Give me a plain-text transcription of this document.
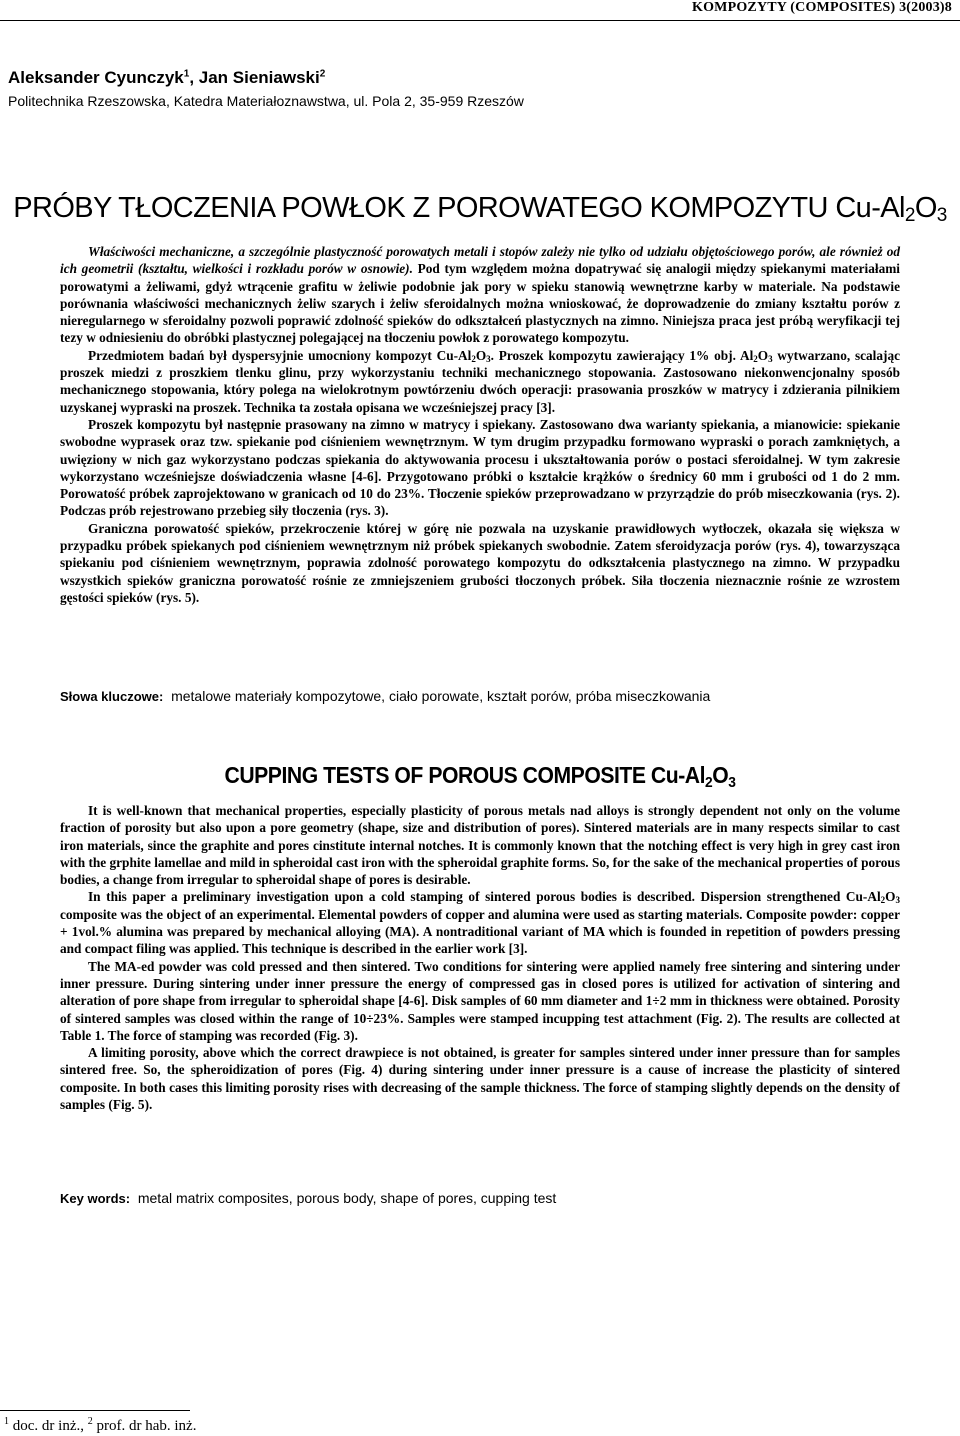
KOMPOZYTY (COMPOSITES) 3(2003)8
Aleksander Cyunczyk$^1$, Jan Sieniawski$^2$
Politechnika Rzeszowska, Katedra Materiałoznawstwa, ul. Pola 2, 35-959 Rzeszów
PRÓBY TŁOCZENIA POWŁOK Z POROWATEGO KOMPOZYTU $Cu-Al_2O_3$

Właściwości mechaniczne, a szczególnie plastyczność porowatych metali i stopów zależy nie tylko od udziału objętościowego porów, ale również od ich geometrii (kształtu, wielkości i rozkładu porów w osnowie). Pod tym względem można dopatrywać się analogii między spiekanymi materiałami porowatymi a żeliwami, gdyż wtrącenie grafitu w żeliwie podobnie jak pory w spieku stanowią wewnętrzne karby w materiale. Na podstawie porównania właściwości mechanicznych żeliw szarych i żeliw sferoidalnych można wnioskować, że doprowadzenie do zmiany kształtu porów z nieregularnego w sferoidalny pozwoli poprawić zdolność spieków do odkształceń plastycznych na zimno. Niniejsza praca jest próbą weryfikacji tej tezy w odniesieniu do obróbki plastycznej polegającej na tłoczeniu powłok z porowatego kompozytu.

Przedmiotem badań był dyspersyjnie umocniony kompozyt $Cu-Al_2O_3$. Proszek kompozytu zawierający 1% obj. $Al_2O_3$ wytwarzano, scalając proszek miedzi z proszkiem tlenku glinu, przy wykorzystaniu techniki mechanicznego stopowania. Zastosowano niekonwencjonalny sposób mechanicznego stopowania, który polega na wielokrotnym powtórzeniu dwóch operacji: prasowania proszków w matrycy i zdzierania pilnikiem uzyskanej wypraski na proszek. Technika ta została opisana we wcześniejszej pracy [3].

Proszek kompozytu był następnie prasowany na zimno w matrycy i spiekany. Zastosowano dwa warianty spiekania, a mianowicie: spiekanie swobodne wyprasek oraz tzw. spiekanie pod ciśnieniem wewnętrznym. W tym drugim przypadku formowano wypraski o porach zamkniętych, a uwięziony w nich gaz wykorzystano podczas spiekania do aktywowania procesu i ukształtowania porów o postaci sferoidalnej. W tym zakresie wykorzystano wcześniejsze doświadczenia własne [4-6]. Przygotowano próbki o kształcie krążków o średnicy 60 mm i grubości od 1 do 2 mm. Porowatość próbek zaprojektowano w granicach od 10 do 23%. Tłoczenie spieków przeprowadzano w przyrządzie do prób miseczkowania (rys. 2). Podczas prób rejestrowano przebieg siły tłoczenia (rys. 3).

Graniczna porowatość spieków, przekroczenie której w górę nie pozwala na uzyskanie prawidłowych wytłoczek, okazała się większa w przypadku próbek spiekanych pod ciśnieniem wewnętrznym niż próbek spiekanych swobodnie. Zatem sferoidyzacja porów (rys. 4), towarzysząca spiekaniu pod ciśnieniem wewnętrznym, poprawia zdolność porowatego kompozytu do odkształcenia plastycznego na zimno. W przypadku wszystkich spieków graniczna porowatość rośnie ze zmniejszeniem grubości tłoczonych próbek. Siła tłoczenia nieznacznie rośnie ze wzrostem gęstości spieków (rys. 5).

Słowa kluczowe: metalowe materiały kompozytowe, ciało porowate, kształt porów, próba miseczkowania
CUPPING TESTS OF POROUS COMPOSITE $Cu-Al_2O_3$

It is well-known that mechanical properties, especially plasticity of porous metals nad alloys is strongly dependent not only on the volume fraction of porosity but also upon a pore geometry (shape, size and distribution of pores). Sintered materials are in many respects similar to cast iron materials, since the graphite and pores cinstitute internal notches. It is commonly known that the notching effect is very high in grey cast iron with the grphite lamellae and mild in spheroidal cast iron with the spheroidal graphite forms. So, for the sake of the mechanical properties of porous bodies, a change from irregular to spheroidal shape of pores is desirable.

In this paper a preliminary investigation upon a cold stamping of sintered porous bodies is described. Dispersion strengthened $Cu-Al_2O_3$ composite was the object of an experimental. Elemental powders of copper and alumina were used as starting materials. Composite powder: copper + 1vol.% alumina was prepared by mechanical alloying (MA). A nontraditional variant of MA which is founded in repetition of powders pressing and compact filing was applied. This technique is described in the earlier work [3].

The MA-ed powder was cold pressed and then sintered. Two conditions for sintering were applied namely free sintering and sintering under inner pressure. During sintering under inner pressure the energy of compressed gas in closed pores is utilized for activation of sintering and alteration of pore shape from irregular to spheroidal shape [4-6]. Disk samples of 60 mm diameter and 1÷2 mm in thickness were obtained. Porosity of sintered samples was closed within the range of 10÷23%. Samples were stamped incupping test attachment (Fig. 2). The results are collected at Table 1. The force of stamping was recorded (Fig. 3).

A limiting porosity, above which the correct drawpiece is not obtained, is greater for samples sintered under inner pressure than for samples sintered free. So, the spheroidization of pores (Fig. 4) during sintering under inner pressure is a cause of increase the plasticity of sintered composite. In both cases this limiting porosity rises with decreasing of the sample thickness. The force of stamping slightly depends on the density of samples (Fig. 5).

Key words: metal matrix composites, porous body, shape of pores, cupping test
$^1$ doc. dr inż., $^2$ prof. dr hab. inż.
